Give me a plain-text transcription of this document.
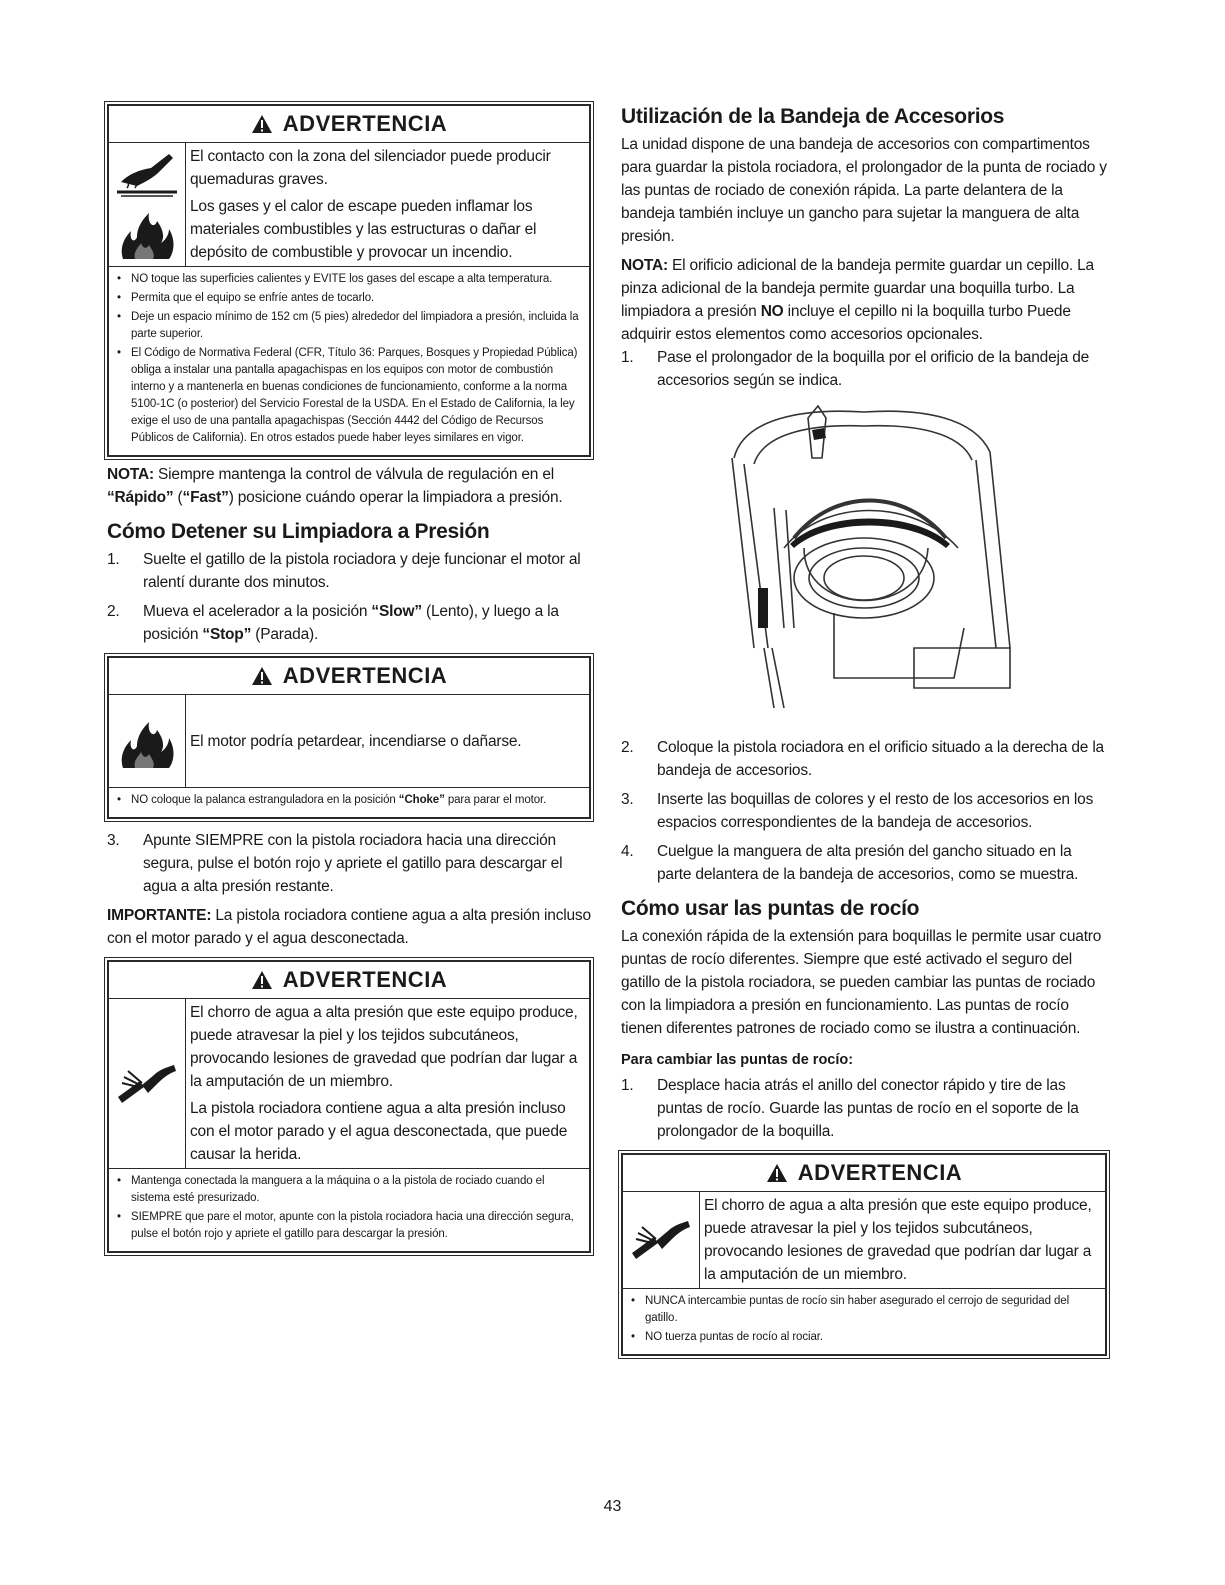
ADVERTENCIA

El contacto con la zona del silenciador puede producir quemaduras graves.

Los gases y el calor de escape pueden inflamar los materiales combustibles y las estructuras o dañar el depósito de combustible y provocar un incendio.

• NO toque las superficies calientes y EVITE los gases del escape a alta temperatura.
• Permita que el equipo se enfríe antes de tocarlo.
• Deje un espacio mínimo de 152 cm (5 pies) alrededor del limpiadora a presión, incluida la parte superior.
• El Código de Normativa Federal (CFR, Título 36: Parques, Bosques y Propiedad Pública) obliga a instalar una pantalla apagachispas en los equipos con motor de combustión interno y a mantenerla en buenas condiciones de funcionamiento, conforme a la norma 5100-1C (o posterior) del Servicio Forestal de la USDA. En el Estado de California, la ley exige el uso de una pantalla apagachispas (Sección 4442 del Código de Recursos Públicos de California). En otros estados puede haber leyes similares en vigor.

NOTA: Siempre mantenga la control de válvula de regulación en el “Rápido” (“Fast”) posicione cuándo operar la limpiadora a presión.

Cómo Detener su Limpiadora a Presión
1.	Suelte el gatillo de la pistola rociadora y deje funcionar el motor al ralentí durante dos minutos.
2.	Mueva el acelerador a la posición “Slow” (Lento), y luego a la posición “Stop” (Parada).
ADVERTENCIA

El motor podría petardear, incendiarse o dañarse.

• NO coloque la palanca estranguladora en la posición “Choke” para parar el motor.
3.	Apunte SIEMPRE con la pistola rociadora hacia una dirección segura, pulse el botón rojo y apriete el gatillo para descargar el agua a alta presión restante.

IMPORTANTE: La pistola rociadora contiene agua a alta presión incluso con el motor parado y el agua desconectada.

ADVERTENCIA

El chorro de agua a alta presión que este equipo produce, puede atravesar la piel y los tejidos subcutáneos, provocando lesiones de gravedad que podrían dar lugar a la amputación de un miembro.

La pistola rociadora contiene agua a alta presión incluso con el motor parado y el agua desconectada, que puede causar la herida.

• Mantenga conectada la manguera a la máquina o a la pistola de rociado cuando el sistema esté presurizado.
• SIEMPRE que pare el motor, apunte con la pistola rociadora hacia una dirección segura, pulse el botón rojo y apriete el gatillo para descargar la presión.
Utilización de la Bandeja de Accesorios

La unidad dispone de una bandeja de accesorios con compartimentos para guardar la pistola rociadora, el prolongador de la punta de rociado y las puntas de rociado de conexión rápida. La parte delantera de la bandeja también incluye un gancho para sujetar la manguera de alta presión.

NOTA: El orificio adicional de la bandeja permite guardar un cepillo. La pinza adicional de la bandeja permite guardar una boquilla turbo. La limpiadora a presión NO incluye el cepillo ni la boquilla turbo Puede adquirir estos elementos como accesorios opcionales.

1.	Pase el prolongador de la boquilla por el orificio de la bandeja de accesorios según se indica.
2.	Coloque la pistola rociadora en el orificio situado a la derecha de la bandeja de accesorios.
3.	Inserte las boquillas de colores y el resto de los accesorios en los espacios correspondientes de la bandeja de accesorios.
4.	Cuelgue la manguera de alta presión del gancho situado en la parte delantera de la bandeja de accesorios, como se muestra.
Cómo usar las puntas de rocío

La conexión rápida de la extensión para boquillas le permite usar cuatro puntas de rocío diferentes. Siempre que esté activado el seguro del gatillo de la pistola rociadora, se pueden cambiar las puntas de rociado con la limpiadora a presión en funcionamiento. Las puntas de rocío tienen diferentes patrones de rociado como se ilustra a continuación.

Para cambiar las puntas de rocío:
1.	Desplace hacia atrás el anillo del conector rápido y tire de las puntas de rocío. Guarde las puntas de rocío en el soporte de la prolongador de la boquilla.
ADVERTENCIA

El chorro de agua a alta presión que este equipo produce, puede atravesar la piel y los tejidos subcutáneos, provocando lesiones de gravedad que podrían dar lugar a la amputación de un miembro.

• NUNCA intercambie puntas de rocío sin haber asegurado el cerrojo de seguridad del gatillo.
• NO tuerza puntas de rocío al rociar.
43
